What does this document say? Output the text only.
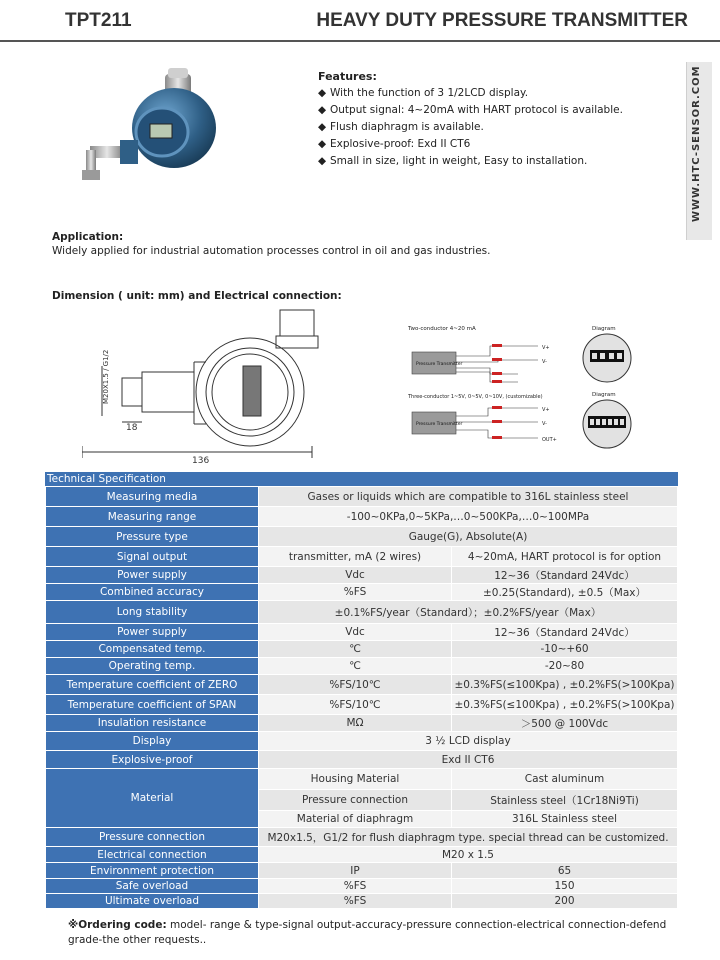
TPT211	HEAVY DUTY PRESSURE TRANSMITTER
Features:
◆ With the function of 3 1/2LCD display.
◆ Output signal: 4~20mA with HART protocol is available.
◆ Flush diaphragm is available.
◆ Explosive-proof: Exd II CT6
◆ Small in size, light in weight, Easy to installation.	WWW.HTC-SENSOR.COM
Application:
Widely applied for industrial automation processes control in oil and gas industries.
Dimension ( unit: mm) and Electrical connection:
136
18
M20X1.5 / G1/2
Two-conductor 4~20 mA
Pressure Transmitter
V+
V-
Three-conductor 1~5V, 0~5V, 0~10V, (customizable)
Pressure Transmitter
V+
V-
OUT+
Diagram
Diagram
Technical Specification
Measuring media	Gases or liquids which are compatible to 316L stainless steel	
Measuring range	-100~0KPa,0~5KPa,…0~500KPa,…0~100MPa	
Pressure type	Gauge(G), Absolute(A)	
Signal output	transmitter, mA (2 wires)	4~20mA, HART protocol is for option
Power supply	Vdc	12~36（Standard 24Vdc）
Combined accuracy	%FS	±0.25(Standard), ±0.5（Max）
Long stability	±0.1%FS/year（Standard）；±0.2%FS/year（Max）	
Power supply	Vdc	12~36（Standard 24Vdc）
Compensated temp.	℃	-10~+60
Operating temp.	℃	-20~80
Temperature coefficient of ZERO	%FS/10℃	±0.3%FS(≤100Kpa) , ±0.2%FS(>100Kpa)
Temperature coefficient of SPAN	%FS/10℃	±0.3%FS(≤100Kpa) , ±0.2%FS(>100Kpa)
Insulation resistance	MΩ	＞500 @ 100Vdc
Display	3 ½ LCD display	
Explosive-proof	Exd II CT6	
Material	Housing Material	Cast aluminum
	Pressure connection	Stainless steel（1Cr18Ni9Ti)
	Material of diaphragm	316L Stainless steel
Pressure connection	M20x1.5，G1/2 for flush diaphragm type. special thread can be customized.	
Electrical connection	M20 x 1.5	
Environment protection	IP	65
Safe overload	%FS	150
Ultimate overload	%FS	200
※Ordering code: model- range & type-signal output-accuracy-pressure connection-electrical connection-defend grade-the other requests..
